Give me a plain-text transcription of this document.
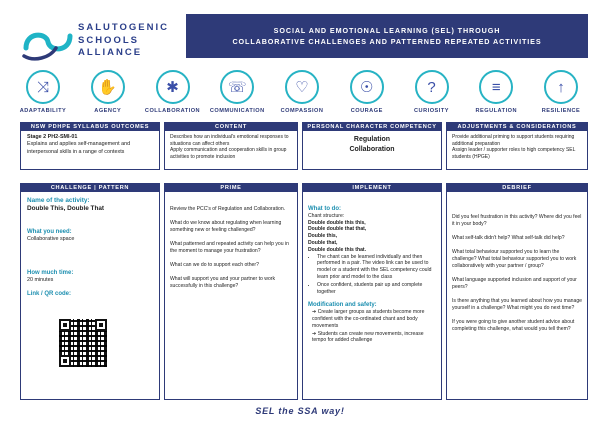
SALUTOGENIC
SCHOOLS
ALLIANCE
SOCIAL AND EMOTIONAL LEARNING (SEL) THROUGH
COLLABORATIVE CHALLENGES AND PATTERNED REPEATED ACTIVITIES
⤨
ADAPTABILITY
✋
AGENCY
✱
COLLABORATION
☏
COMMUNICATION
♡
COMPASSION
☉
COURAGE
?
CURIOSITY
≡
REGULATION
↑
RESILIENCE
NSW PDHPE SYLLABUS OUTCOMES
Stage 2 PH2-SMI-01
Explains and applies self-management and interpersonal skills in a range of contexts
CONTENT
Describes how an individual's emotional responses to situations can affect others
Apply communication and cooperation skills in group activities to promote inclusion
PERSONAL CHARACTER COMPETENCY
Regulation
Collaboration
ADJUSTMENTS & CONSIDERATIONS
Provide additional priming to support students requiring additional preparation
Assign leader / supporter roles to high competency SEL students (HPGE)
CHALLENGE | PATTERN
Name of the activity:
Double This, Double That
What you need:
Collaborative space
How much time:
20 minutes
Link / QR code:
PRIME
Review the PCC's of Regulation and Collaboration.
What do we know about regulating when learning something new or feeling challenged?
What patterned and repeated activity can help you in the moment to manage your frustration?
What can we do to support each other?
What will support you and your partner to work successfully in this challenge?
IMPLEMENT
What to do:
Chant structure:
Double double this this,
Double double that that,
Double this,
Double that,
Double double this that.
• The chant can be learned individually and then performed in a pair. The video link can be used to model or a student with the SEL competency could learn prior and model to the class
• Once confident, students pair up and complete together
Modification and safety:
➔ Create larger groups as students become more confident with the co-ordinated chant and body movements
➔ Students can create new movements, increase tempo for added challenge
DEBRIEF
Did you feel frustration in this activity? Where did you feel it in your body?
What self-talk didn't help? What self-talk did help?
What total behaviour supported you to learn the challenge? What total behaviour supported you to work collaboratively with your partner / group?
What language supported inclusion and support of your peers?
Is there anything that you learned about how you manage yourself in a challenge? What might you do next time?
If you were going to give another student advice about completing this challenge, what would you tell them?
SEL the SSA way!
